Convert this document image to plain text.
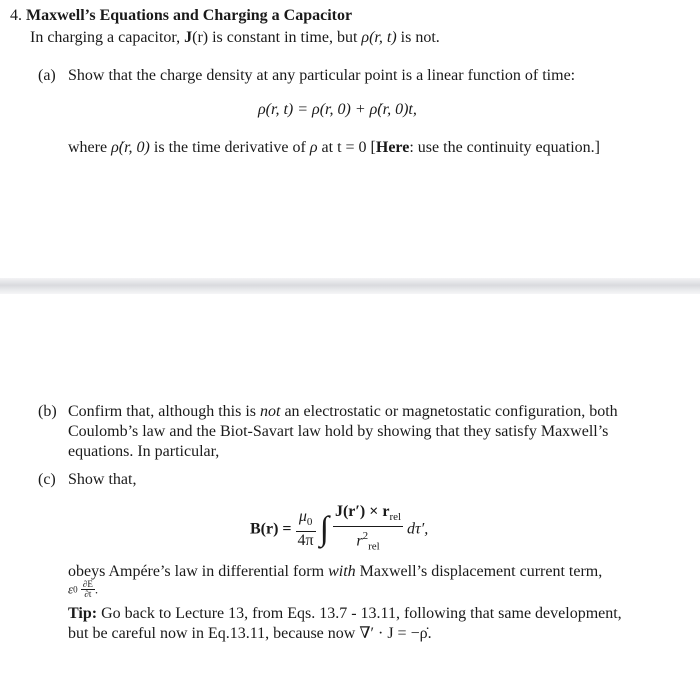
4. Maxwell’s Equations and Charging a Capacitor
In charging a capacitor, J(r) is constant in time, but ρ(r, t) is not.
(a) Show that the charge density at any particular point is a linear function of time:
ρ(r, t) = ρ(r, 0) + ρ̇(r, 0)t,
where ρ̇(r, 0) is the time derivative of ρ at t = 0 [Here: use the continuity equation.]
(b) Confirm that, although this is not an electrostatic or magnetostatic configuration, both
Coulomb’s law and the Biot-Savart law hold by showing that they satisfy Maxwell’s
equations. In particular,
(c) Show that,
$B(r) = \frac{\mu_0}{4\pi}$ ∫ $\frac{J(r') \times r_{rel}}{r^2_{rel}} d\tau'$,
obeys Ampére’s law in differential form with Maxwell’s displacement current term,
$\varepsilon 0 \frac{\partial E}{\partial t}$ .
Tip: Go back to Lecture 13, from Eqs. 13.7 - 13.11, following that same development,
but be careful now in Eq.13.11, because now ∇′ · J = −ρ̇.
